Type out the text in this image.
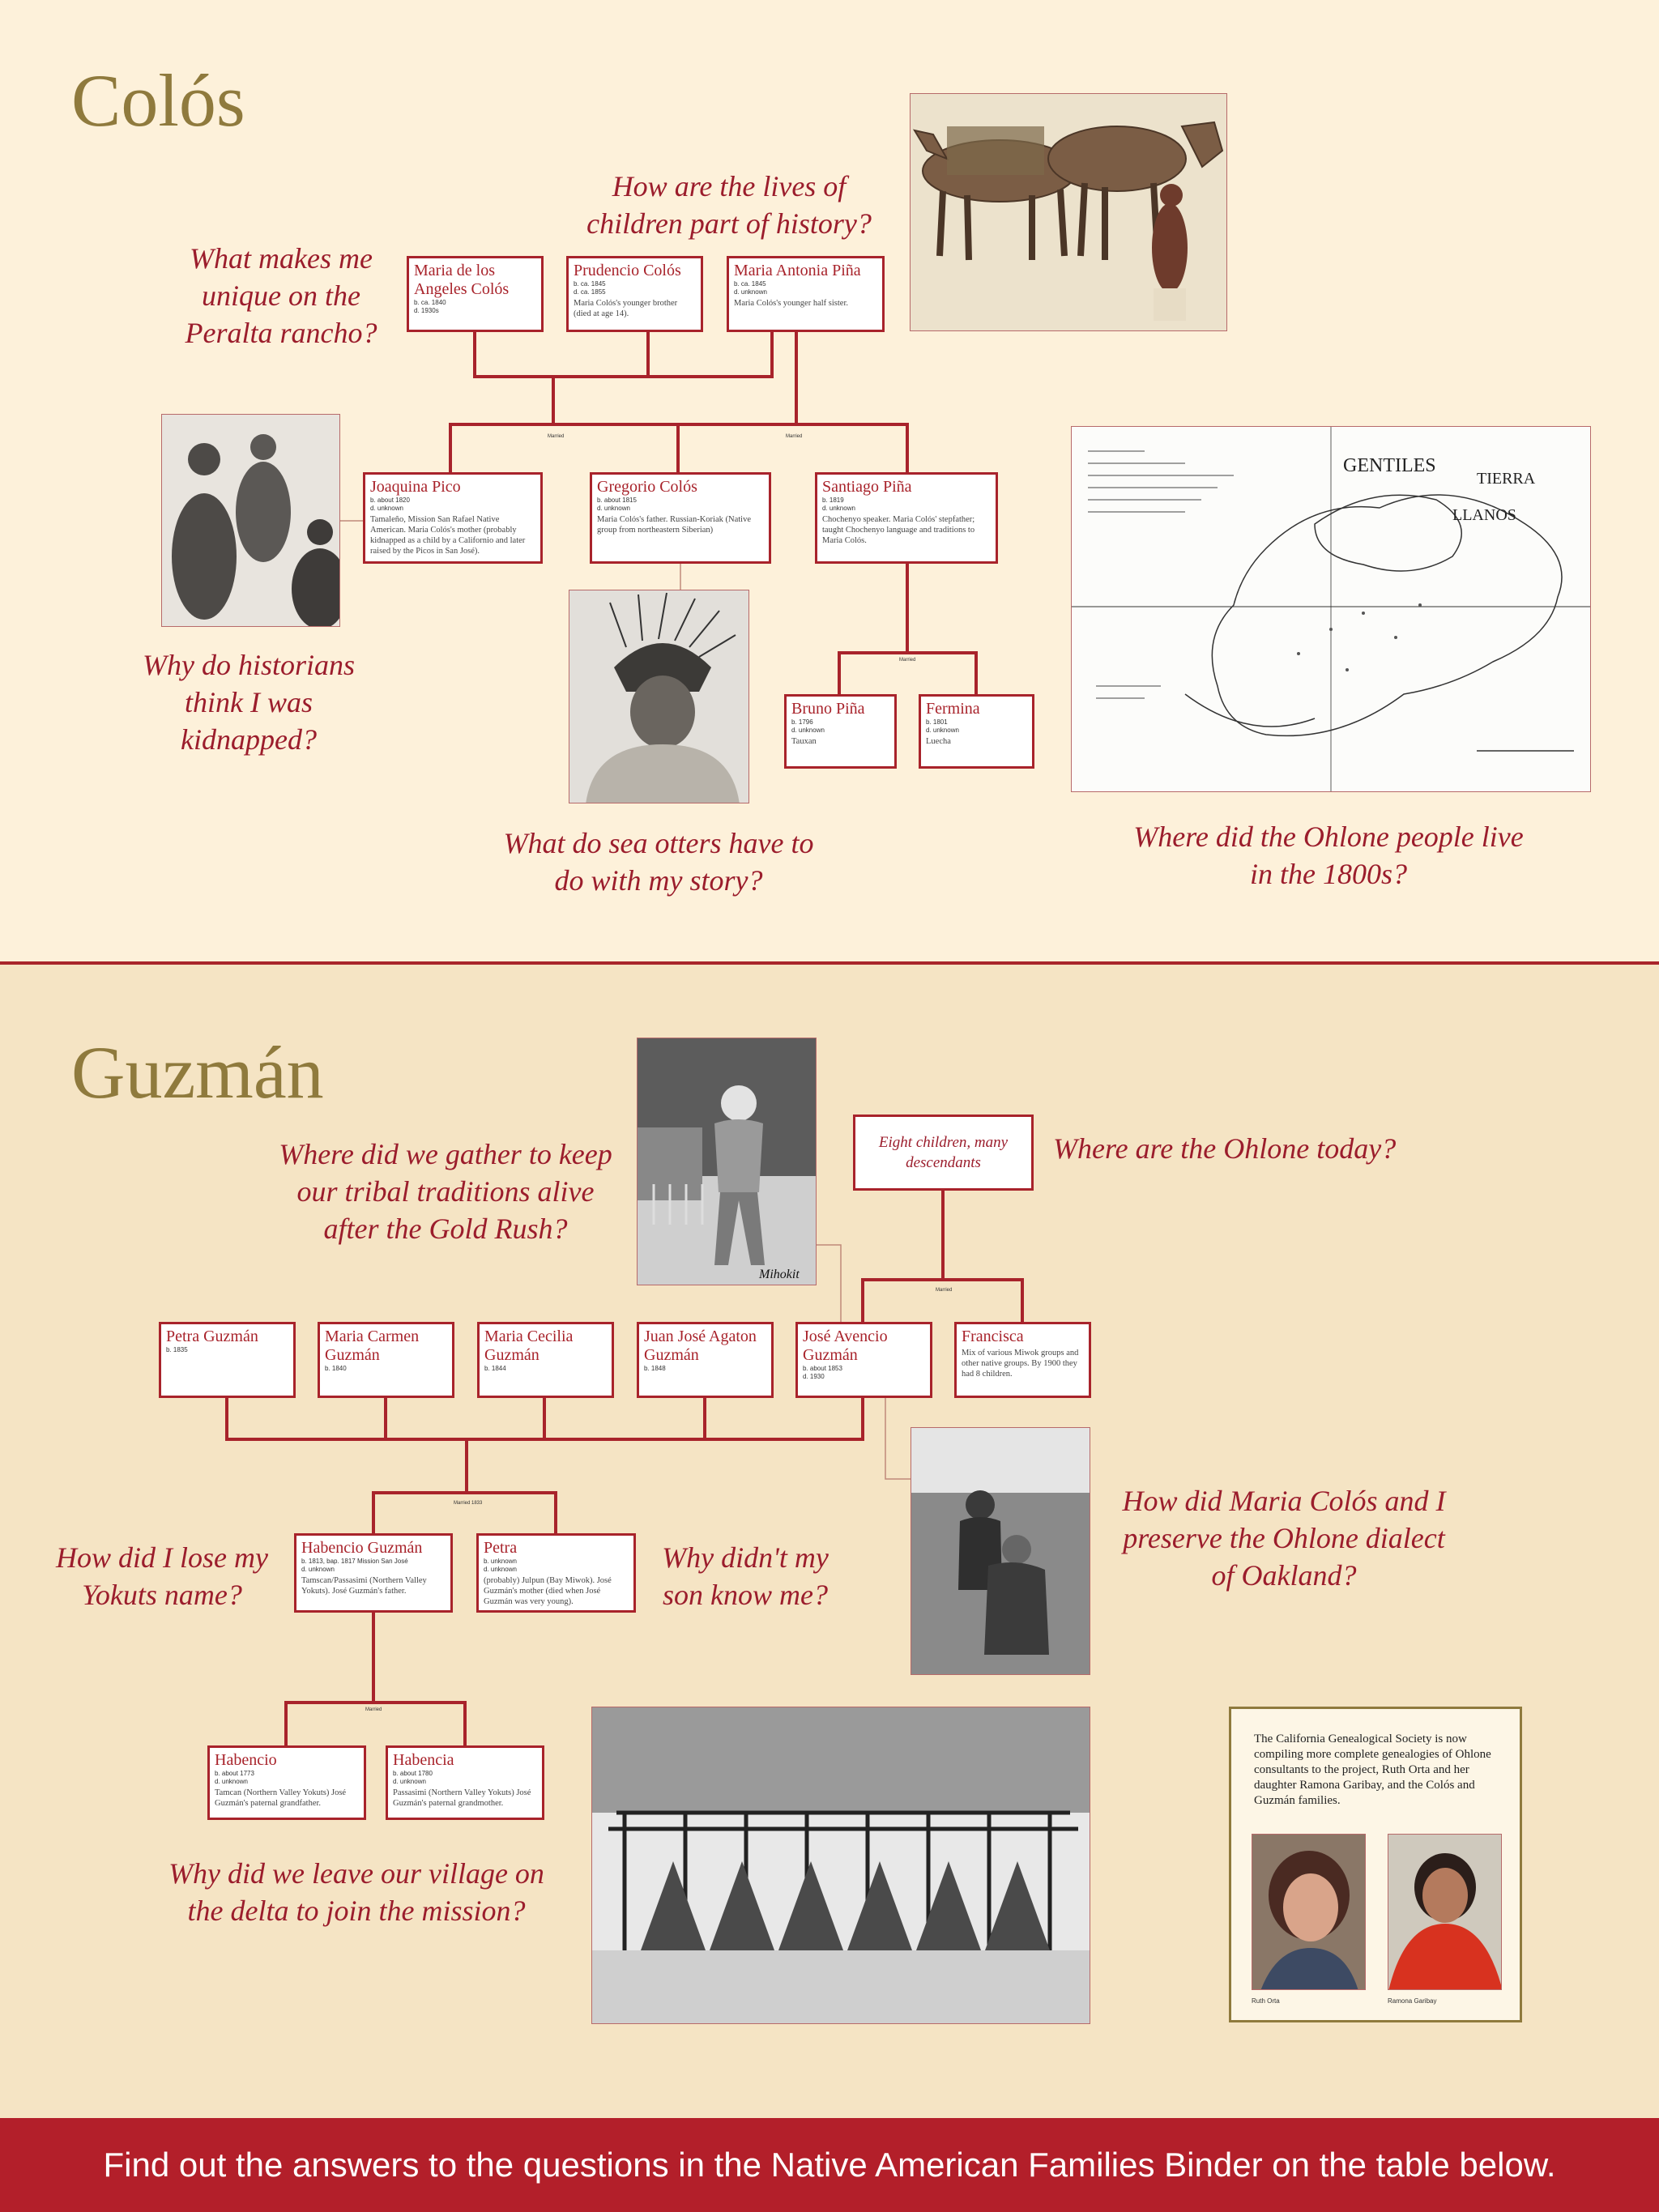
Colós
How are the lives of children part of history?
What makes me unique on the Peralta rancho?
Why do historians think I was kidnapped?
What do sea otters have to do with my story?
Where did the Ohlone people live in the 1800s?
Maria de los Angeles Colós
b. ca. 1840
d. 1930s
Prudencio Colós
b. ca. 1845
d. ca. 1855
Maria Colós's younger brother (died at age 14).
Maria Antonia Piña
b. ca. 1845
d. unknown
Maria Colós's younger half sister.
Married	Married
Joaquina Pico
b. about 1820
d. unknown
Tamaleño, Mission San Rafael Native American. Maria Colós's mother (probably kidnapped as a child by a Californio and later raised by the Picos in San José).
Gregorio Colós
b. about 1815
d. unknown
Maria Colós's father. Russian-Koriak (Native group from northeastern Siberian)
Santiago Piña
b. 1819
d. unknown
Chochenyo speaker. Maria Colós' stepfather; taught Chochenyo language and traditions to Maria Colós.
Married
Bruno Piña
b. 1796
d. unknown
Tauxan
Fermina
b. 1801
d. unknown
Luecha
GENTILES
TIERRA
LLANOS
Guzmán
Where did we gather to keep our tribal traditions alive after the Gold Rush?
Where are the Ohlone today?
How did I lose my Yokuts name?
Why didn't my son know me?
How did Maria Colós and I preserve the Ohlone dialect of Oakland?
Why did we leave our village on the delta to join the mission?
Eight children, many descendants
Married
Petra Guzmán
b. 1835
Maria Carmen Guzmán
b. 1840
Maria Cecilia Guzmán
b. 1844
Juan José Agaton Guzmán
b. 1848
José Avencio Guzmán
b. about 1853
d. 1930
Francisca
Mix of various Miwok groups and other native groups. By 1900 they had 8 children.
Married 1833
Habencio Guzmán
b. 1813, bap. 1817 Mission San José
d. unknown
Tamscan/Passasimi (Northern Valley Yokuts). José Guzmán's father.
Petra
b. unknown
d. unknown
(probably) Julpun (Bay Miwok). José Guzmán's mother (died when José Guzmán was very young).
Married
Habencio
b. about 1773
d. unknown
Tamcan (Northern Valley Yokuts) José Guzmán's paternal grandfather.
Habencia
b. about 1780
d. unknown
Passasimi (Northern Valley Yokuts) José Guzmán's paternal grandmother.
Mihokit
The California Genealogical Society is now compiling more complete genealogies of Ohlone consultants to the project, Ruth Orta and her daughter Ramona Garibay, and the Colós and Guzmán families.
Ruth Orta	Ramona Garibay
Find out the answers to the questions in the Native American Families Binder on the table below.
